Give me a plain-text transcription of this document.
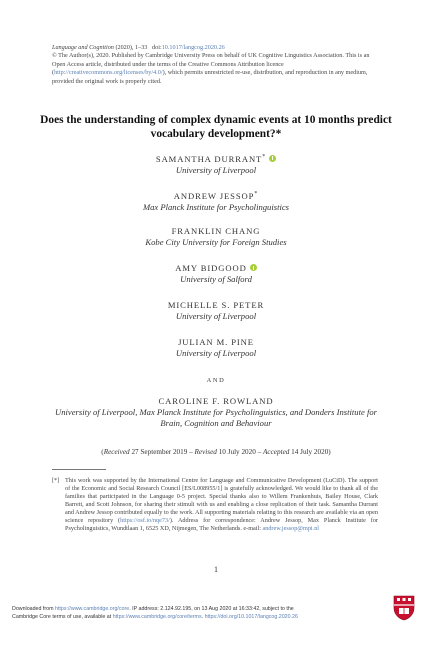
Language and Cognition (2020), 1–33 doi:10.1017/langcog.2020.26
© The Author(s), 2020. Published by Cambridge University Press on behalf of UK Cognitive Linguistics Association. This is an Open Access article, distributed under the terms of the Creative Commons Attribution licence (http://creativecommons.org/licenses/by/4.0/), which permits unrestricted re-use, distribution, and reproduction in any medium, provided the original work is properly cited.
Does the understanding of complex dynamic events at 10 months predict vocabulary development?*
SAMANTHA DURRANT*
University of Liverpool
ANDREW JESSOP*
Max Planck Institute for Psycholinguistics
FRANKLIN CHANG
Kobe City University for Foreign Studies
AMY BIDGOOD
University of Salford
MICHELLE S. PETER
University of Liverpool
JULIAN M. PINE
University of Liverpool
AND
CAROLINE F. ROWLAND
University of Liverpool, Max Planck Institute for Psycholinguistics, and Donders Institute for Brain, Cognition and Behaviour
(Received 27 September 2019 – Revised 10 July 2020 – Accepted 14 July 2020)
[*] This work was supported by the International Centre for Language and Communicative Development (LuCiD). The support of the Economic and Social Research Council [ES/L008955/1] is gratefully acknowledged. We would like to thank all of the families that participated in the Language 0-5 project. Special thanks also to Willem Frankenhuis, Bailey House, Clark Barrett, and Scott Johnson, for sharing their stimuli with us and enabling a close replication of their task. Samantha Durrant and Andrew Jessop contributed equally to the work. All supporting materials relating to this research are available via an open science repository (https://osf.io/nqe73/). Address for correspondence: Andrew Jessop, Max Planck Institute for Psycholinguistics, Wundtlaan 1, 6525 XD, Nijmegen, The Netherlands. e-mail: andrew.jessop@mpi.nl
1
Downloaded from https://www.cambridge.org/core. IP address: 2.124.92.195, on 13 Aug 2020 at 16:33:42, subject to the
Cambridge Core terms of use, available at https://www.cambridge.org/core/terms. https://doi.org/10.1017/langcog.2020.26
